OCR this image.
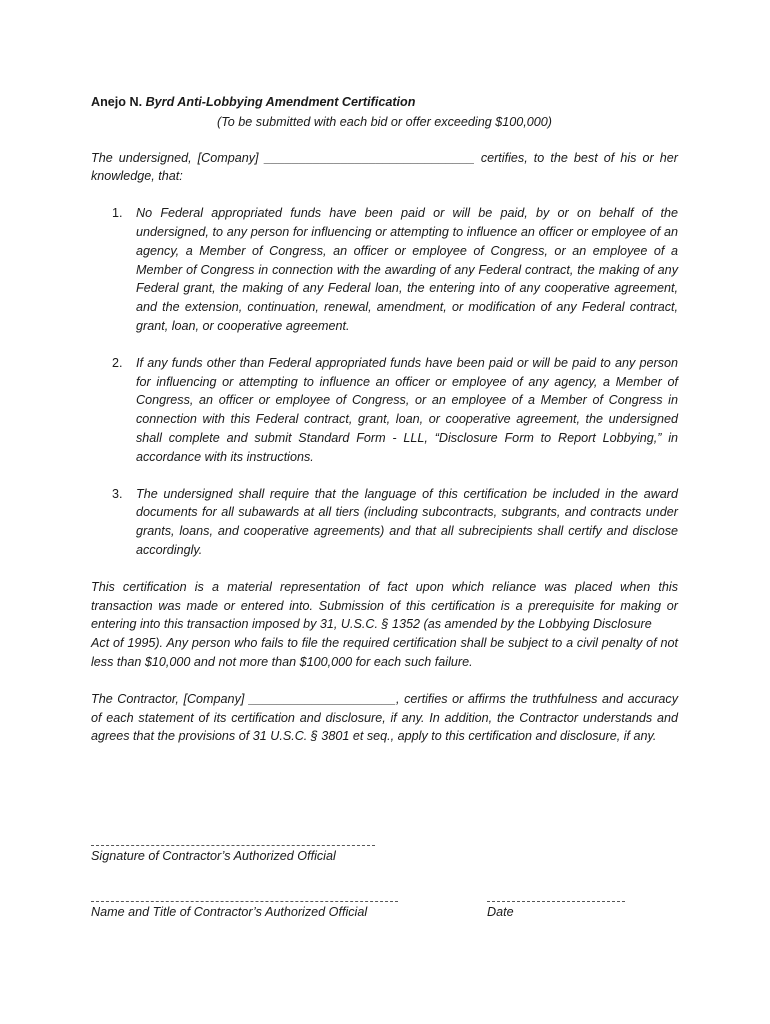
Anejo N. Byrd Anti-Lobbying Amendment Certification

(To be submitted with each bid or offer exceeding $100,000)

The undersigned, [Company] ______________________________ certifies, to the best of his or her knowledge, that:

1. No Federal appropriated funds have been paid or will be paid, by or on behalf of the undersigned, to any person for influencing or attempting to influence an officer or employee of an agency, a Member of Congress, an officer or employee of Congress, or an employee of a Member of Congress in connection with the awarding of any Federal contract, the making of any Federal grant, the making of any Federal loan, the entering into of any cooperative agreement, and the extension, continuation, renewal, amendment, or modification of any Federal contract, grant, loan, or cooperative agreement.
2. If any funds other than Federal appropriated funds have been paid or will be paid to any person for influencing or attempting to influence an officer or employee of any agency, a Member of Congress, an officer or employee of Congress, or an employee of a Member of Congress in connection with this Federal contract, grant, loan, or cooperative agreement, the undersigned shall complete and submit Standard Form - LLL, “Disclosure Form to Report Lobbying,” in accordance with its instructions.
3. The undersigned shall require that the language of this certification be included in the award documents for all subawards at all tiers (including subcontracts, subgrants, and contracts under grants, loans, and cooperative agreements) and that all subrecipients shall certify and disclose accordingly.

This certification is a material representation of fact upon which reliance was placed when this transaction was made or entered into. Submission of this certification is a prerequisite for making or entering into this transaction imposed by 31, U.S.C. § 1352 (as amended by the Lobbying Disclosure
Act of 1995). Any person who fails to file the required certification shall be subject to a civil penalty of not less than $10,000 and not more than $100,000 for each such failure.

The Contractor, [Company] _____________________, certifies or affirms the truthfulness and accuracy of each statement of its certification and disclosure, if any. In addition, the Contractor understands and agrees that the provisions of 31 U.S.C. § 3801 et seq., apply to this certification and disclosure, if any.

Signature of Contractor’s Authorized Official
Name and Title of Contractor’s Authorized Official	Date
